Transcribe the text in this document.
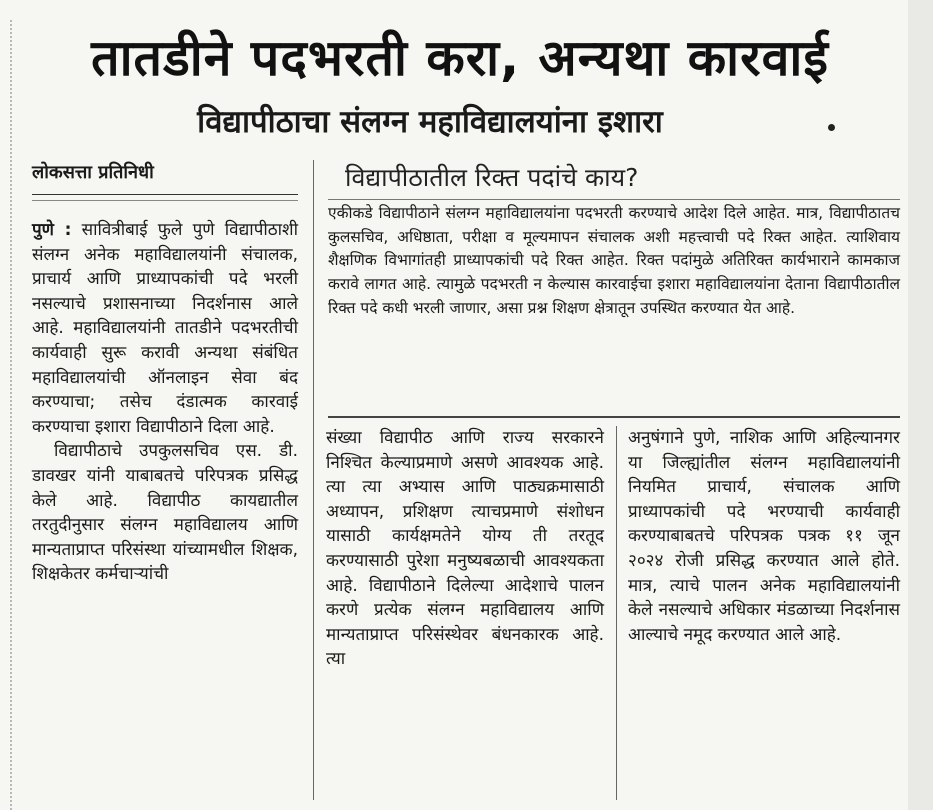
तातडीने पदभरती करा, अन्यथा कारवाई
विद्यापीठाचा संलग्न महाविद्यालयांना इशारा
लोकसत्ता प्रतिनिधी	विद्यापीठातील रिक्त पदांचे काय?
एकीकडे विद्यापीठाने संलग्न महाविद्यालयांना पदभरती करण्याचे आदेश दिले आहेत. मात्र, विद्यापीठातच कुलसचिव, अधिष्ठाता, परीक्षा व मूल्यमापन संचालक अशी महत्त्वाची पदे रिक्त आहेत. त्याशिवाय शैक्षणिक विभागांतही प्राध्यापकांची पदे रिक्त आहेत. रिक्त पदांमुळे अतिरिक्त कार्यभाराने कामकाज करावे लागत आहे. त्यामुळे पदभरती न केल्यास कारवाईचा इशारा महाविद्यालयांना देताना विद्यापीठातील रिक्त पदे कधी भरली जाणार, असा प्रश्न शिक्षण क्षेत्रातून उपस्थित करण्यात येत आहे.

पुणे : सावित्रीबाई फुले पुणे विद्यापीठाशी संलग्न अनेक महाविद्यालयांनी संचालक, प्राचार्य आणि प्राध्यापकांची पदे भरली नसल्याचे प्रशासनाच्या निदर्शनास आले आहे. महाविद्यालयांनी तातडीने पदभरतीची कार्यवाही सुरू करावी अन्यथा संबंधित महाविद्यालयांची ऑनलाइन सेवा बंद करण्याचा; तसेच दंडात्मक कारवाई करण्याचा इशारा विद्यापीठाने दिला आहे.

विद्यापीठाचे उपकुलसचिव एस. डी. डावखर यांनी याबाबतचे परिपत्रक प्रसिद्ध केले आहे. विद्यापीठ कायद्यातील तरतुदीनुसार संलग्न महाविद्यालय आणि मान्यताप्राप्त परिसंस्था यांच्यामधील शिक्षक, शिक्षकेतर कर्मचाऱ्यांची

संख्या विद्यापीठ आणि राज्य सरकारने निश्चित केल्याप्रमाणे असणे आवश्यक आहे. त्या त्या अभ्यास आणि पाठ्यक्रमासाठी अध्यापन, प्रशिक्षण त्याचप्रमाणे संशोधन यासाठी कार्यक्षमतेने योग्य ती तरतूद करण्यासाठी पुरेशा मनुष्यबळाची आवश्यकता आहे. विद्यापीठाने दिलेल्या आदेशाचे पालन करणे प्रत्येक संलग्न महाविद्यालय आणि मान्यताप्राप्त परिसंस्थेवर बंधनकारक आहे. त्या

अनुषंगाने पुणे, नाशिक आणि अहिल्यानगर या जिल्ह्यांतील संलग्न महाविद्यालयांनी नियमित प्राचार्य, संचालक आणि प्राध्यापकांची पदे भरण्याची कार्यवाही करण्याबाबतचे परिपत्रक पत्रक ११ जून २०२४ रोजी प्रसिद्ध करण्यात आले होते. मात्र, त्याचे पालन अनेक महाविद्यालयांनी केले नसल्याचे अधिकार मंडळाच्या निदर्शनास आल्याचे नमूद करण्यात आले आहे.
